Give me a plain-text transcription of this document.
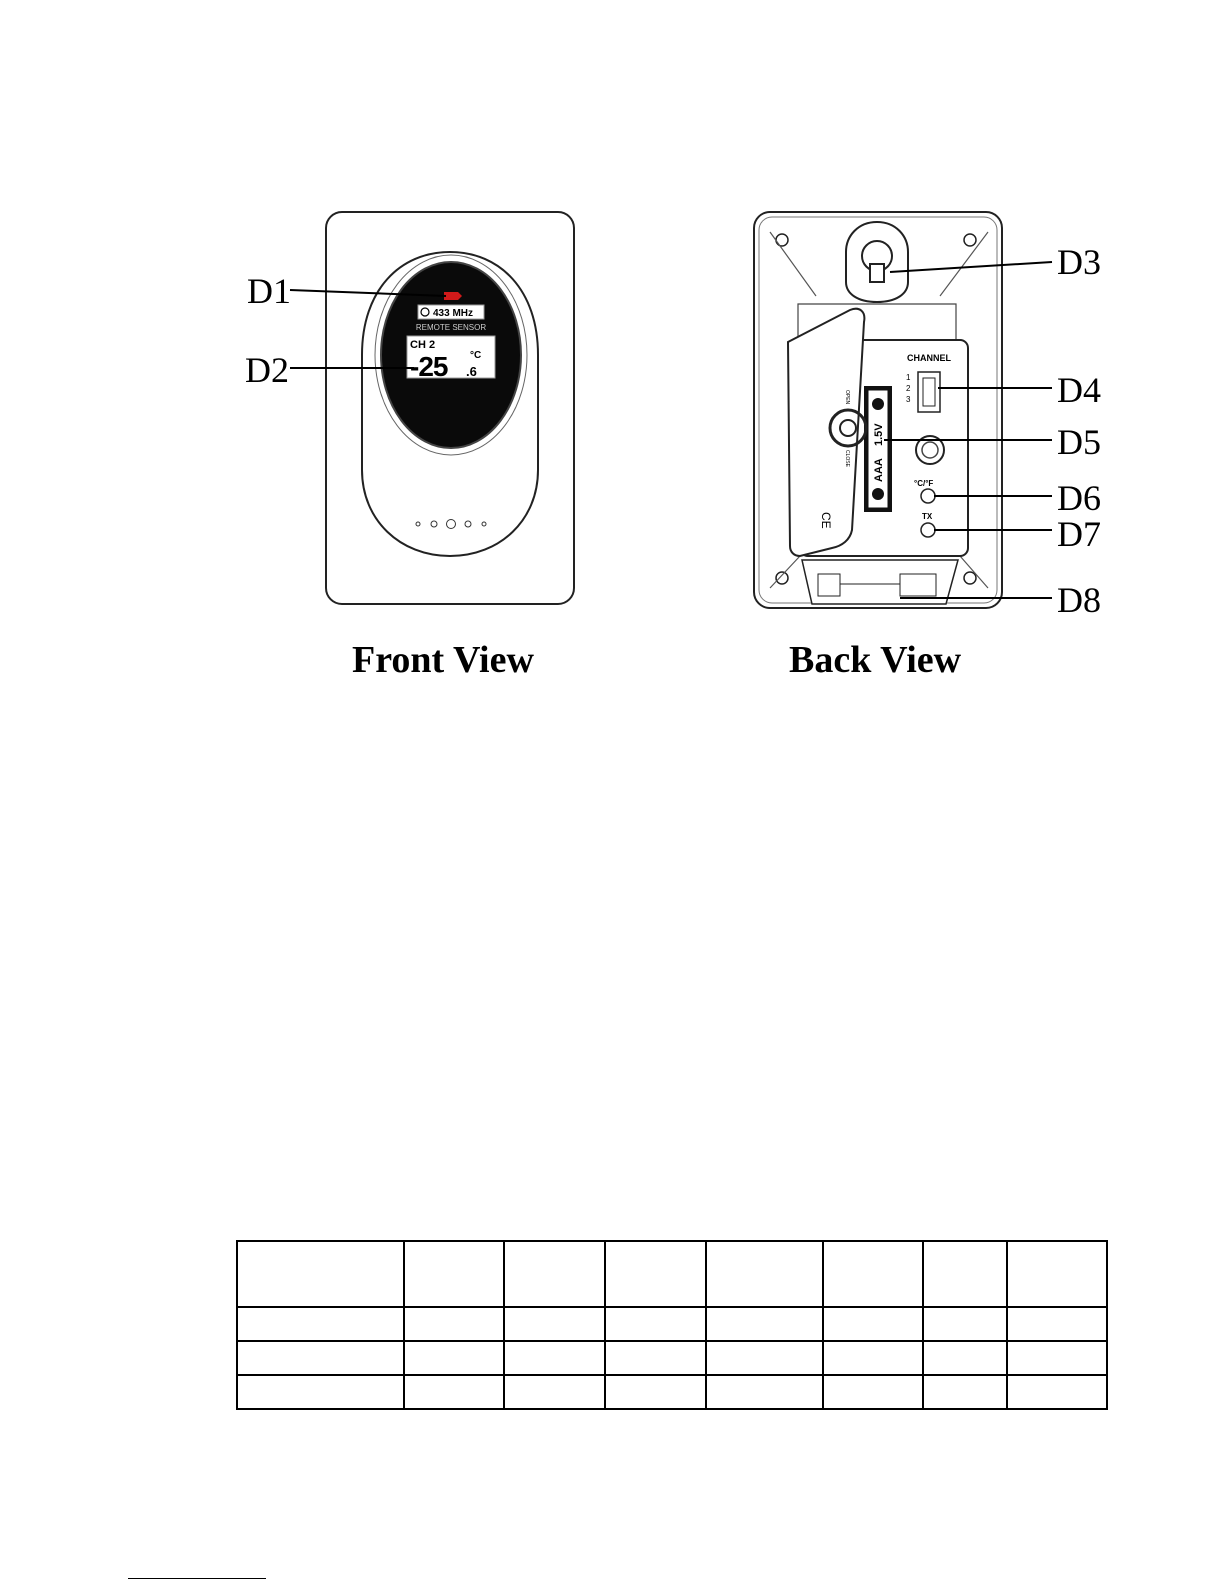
433 MHz
REMOTE SENSOR
CH 2
-25 °C
.6
D1
D2
Front View
CHANNEL
1
2
3
°C/°F
TX
1.5V
AAA
OPEN
CLOSE
CE
D3
D4
D5
D6
D7
D8
Back View
